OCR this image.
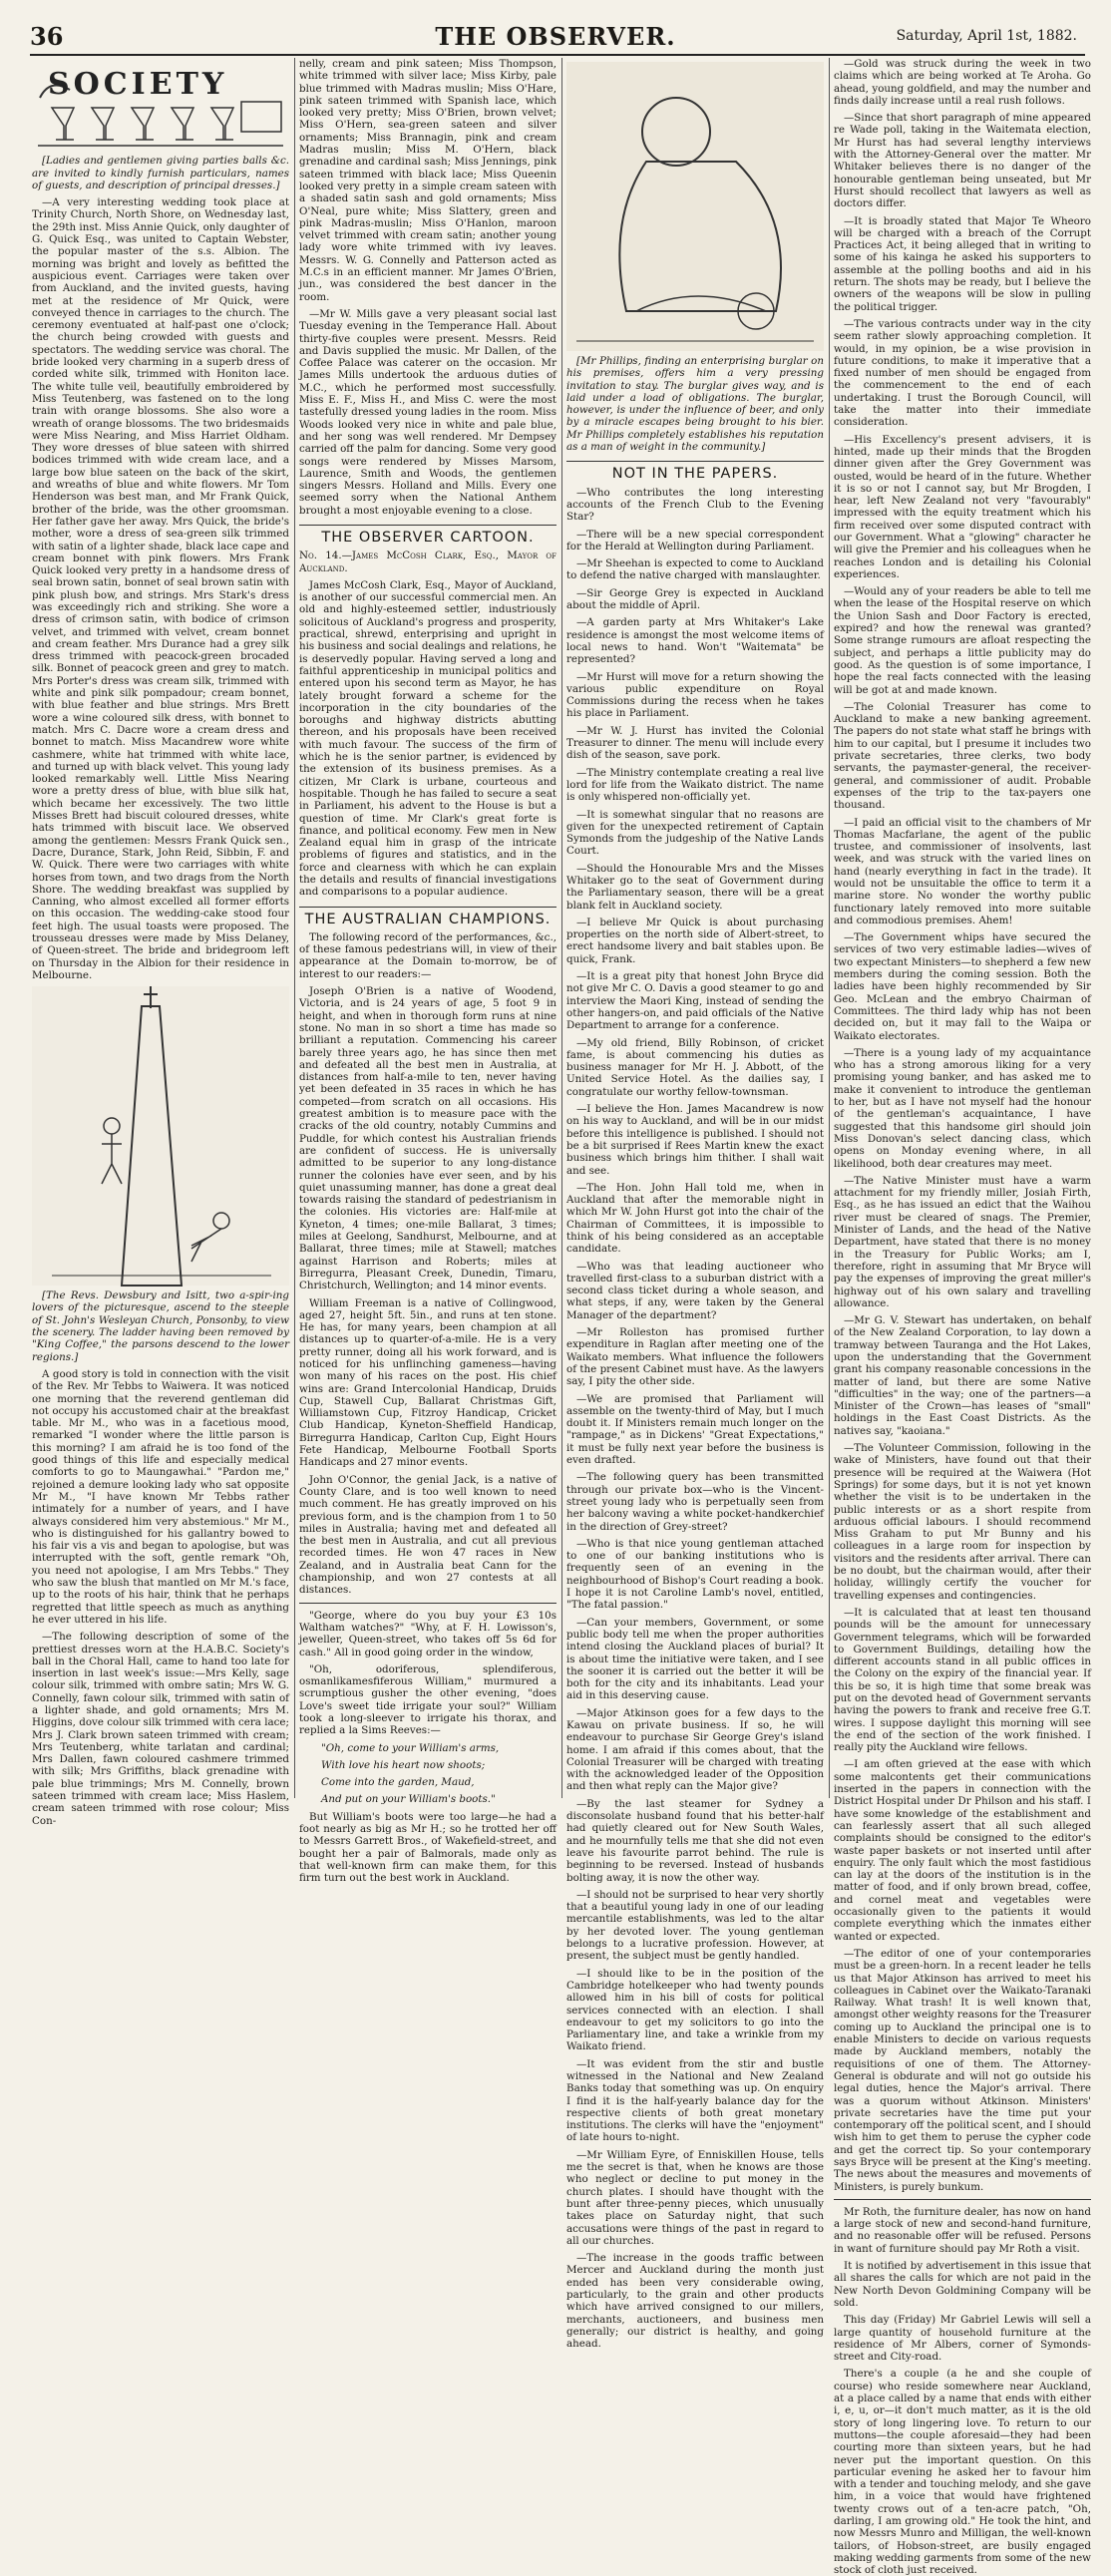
36	THE OBSERVER.	Saturday, April 1st, 1882.
SOCIETY

[Ladies and gentlemen giving parties balls &c. are invited to kindly furnish particulars, names of guests, and description of principal dresses.]

—A very interesting wedding took place at Trinity Church, North Shore, on Wednesday last, the 29th inst. Miss Annie Quick, only daughter of G. Quick Esq., was united to Captain Webster, the popular master of the s.s. Albion. The morning was bright and lovely as befitted the auspicious event. Carriages were taken over from Auckland, and the invited guests, having met at the residence of Mr Quick, were conveyed thence in carriages to the church. The ceremony eventuated at half-past one o'clock; the church being crowded with guests and spectators. The wedding service was choral. The bride looked very charming in a superb dress of corded white silk, trimmed with Honiton lace. The white tulle veil, beautifully embroidered by Miss Teutenberg, was fastened on to the long train with orange blossoms. She also wore a wreath of orange blossoms. The two bridesmaids were Miss Nearing, and Miss Harriet Oldham. They wore dresses of blue sateen with shirred bodices trimmed with wide cream lace, and a large bow blue sateen on the back of the skirt, and wreaths of blue and white flowers. Mr Tom Henderson was best man, and Mr Frank Quick, brother of the bride, was the other groomsman. Her father gave her away. Mrs Quick, the bride's mother, wore a dress of sea-green silk trimmed with satin of a lighter shade, black lace cape and cream bonnet with pink flowers. Mrs Frank Quick looked very pretty in a handsome dress of seal brown satin, bonnet of seal brown satin with pink plush bow, and strings. Mrs Stark's dress was exceedingly rich and striking. She wore a dress of crimson satin, with bodice of crimson velvet, and trimmed with velvet, cream bonnet and cream feather. Mrs Durance had a grey silk dress trimmed with peacock-green brocaded silk. Bonnet of peacock green and grey to match. Mrs Porter's dress was cream silk, trimmed with white and pink silk pompadour; cream bonnet, with blue feather and blue strings. Mrs Brett wore a wine coloured silk dress, with bonnet to match. Mrs C. Dacre wore a cream dress and bonnet to match. Miss Macandrew wore white cashmere, white hat trimmed with white lace, and turned up with black velvet. This young lady looked remarkably well. Little Miss Nearing wore a pretty dress of blue, with blue silk hat, which became her excessively. The two little Misses Brett had biscuit coloured dresses, white hats trimmed with biscuit lace. We observed among the gentlemen: Messrs Frank Quick sen., Dacre, Durance, Stark, John Reid, Sibbin, F. and W. Quick. There were two carriages with white horses from town, and two drags from the North Shore. The wedding breakfast was supplied by Canning, who almost excelled all former efforts on this occasion. The wedding-cake stood four feet high. The usual toasts were proposed. The trousseau dresses were made by Miss Delaney, of Queen-street. The bride and bridegroom left on Thursday in the Albion for their residence in Melbourne.

[The Revs. Dewsbury and Isitt, two a-spir-ing lovers of the picturesque, ascend to the steeple of St. John's Wesleyan Church, Ponsonby, to view the scenery. The ladder having been removed by "King Coffee," the parsons descend to the lower regions.]

A good story is told in connection with the visit of the Rev. Mr Tebbs to Waiwera. It was noticed one morning that the reverend gentleman did not occupy his accustomed chair at the breakfast table. Mr M., who was in a facetious mood, remarked "I wonder where the little parson is this morning? I am afraid he is too fond of the good things of this life and especially medical comforts to go to Maungawhai." "Pardon me," rejoined a demure looking lady who sat opposite Mr M., "I have known Mr Tebbs rather intimately for a number of years, and I have always considered him very abstemious." Mr M., who is distinguished for his gallantry bowed to his fair vis a vis and began to apologise, but was interrupted with the soft, gentle remark "Oh, you need not apologise, I am Mrs Tebbs." They who saw the blush that mantled on Mr M.'s face, up to the roots of his hair, think that he perhaps regretted that little speech as much as anything he ever uttered in his life.

—The following description of some of the prettiest dresses worn at the H.A.B.C. Society's ball in the Choral Hall, came to hand too late for insertion in last week's issue:—Mrs Kelly, sage colour silk, trimmed with ombre satin; Mrs W. G. Connelly, fawn colour silk, trimmed with satin of a lighter shade, and gold ornaments; Mrs M. Higgins, dove colour silk trimmed with cera lace; Mrs J. Clark brown sateen trimmed with cream; Mrs Teutenberg, white tarlatan and cardinal; Mrs Dallen, fawn coloured cashmere trimmed with silk; Mrs Griffiths, black grenadine with pale blue trimmings; Mrs M. Connelly, brown sateen trimmed with cream lace; Miss Haslem, cream sateen trimmed with rose colour; Miss Con-

nelly, cream and pink sateen; Miss Thompson, white trimmed with silver lace; Miss Kirby, pale blue trimmed with Madras muslin; Miss O'Hare, pink sateen trimmed with Spanish lace, which looked very pretty; Miss O'Brien, brown velvet; Miss O'Hern, sea-green sateen and silver ornaments; Miss Brannagin, pink and cream Madras muslin; Miss M. O'Hern, black grenadine and cardinal sash; Miss Jennings, pink sateen trimmed with black lace; Miss Queenin looked very pretty in a simple cream sateen with a shaded satin sash and gold ornaments; Miss O'Neal, pure white; Miss Slattery, green and pink Madras-muslin; Miss O'Hanlon, maroon velvet trimmed with cream satin; another young lady wore white trimmed with ivy leaves. Messrs. W. G. Connelly and Patterson acted as M.C.s in an efficient manner. Mr James O'Brien, jun., was considered the best dancer in the room.

—Mr W. Mills gave a very pleasant social last Tuesday evening in the Temperance Hall. About thirty-five couples were present. Messrs. Reid and Davis supplied the music. Mr Dallen, of the Coffee Palace was caterer on the occasion. Mr James Mills undertook the arduous duties of M.C., which he performed most successfully. Miss E. F., Miss H., and Miss C. were the most tastefully dressed young ladies in the room. Miss Woods looked very nice in white and pale blue, and her song was well rendered. Mr Dempsey carried off the palm for dancing. Some very good songs were rendered by Misses Marsom, Laurence, Smith and Woods, the gentlemen singers Messrs. Holland and Mills. Every one seemed sorry when the National Anthem brought a most enjoyable evening to a close.

THE OBSERVER CARTOON.

No. 14.—James McCosh Clark, Esq., Mayor of Auckland.

James McCosh Clark, Esq., Mayor of Auckland, is another of our successful commercial men. An old and highly-esteemed settler, industriously solicitous of Auckland's progress and prosperity, practical, shrewd, enterprising and upright in his business and social dealings and relations, he is deservedly popular. Having served a long and faithful apprenticeship in municipal politics and entered upon his second term as Mayor, he has lately brought forward a scheme for the incorporation in the city boundaries of the boroughs and highway districts abutting thereon, and his proposals have been received with much favour. The success of the firm of which he is the senior partner, is evidenced by the extension of its business premises. As a citizen, Mr Clark is urbane, courteous and hospitable. Though he has failed to secure a seat in Parliament, his advent to the House is but a question of time. Mr Clark's great forte is finance, and political economy. Few men in New Zealand equal him in grasp of the intricate problems of figures and statistics, and in the force and clearness with which he can explain the details and results of financial investigations and comparisons to a popular audience.

THE AUSTRALIAN CHAMPIONS.

The following record of the performances, &c., of these famous pedestrians will, in view of their appearance at the Domain to-morrow, be of interest to our readers:—

Joseph O'Brien is a native of Woodend, Victoria, and is 24 years of age, 5 foot 9 in height, and when in thorough form runs at nine stone. No man in so short a time has made so brilliant a reputation. Commencing his career barely three years ago, he has since then met and defeated all the best men in Australia, at distances from half-a-mile to ten, never having yet been defeated in 35 races in which he has competed—from scratch on all occasions. His greatest ambition is to measure pace with the cracks of the old country, notably Cummins and Puddle, for which contest his Australian friends are confident of success. He is universally admitted to be superior to any long-distance runner the colonies have ever seen, and by his quiet unassuming manner, has done a great deal towards raising the standard of pedestrianism in the colonies. His victories are: Half-mile at Kyneton, 4 times; one-mile Ballarat, 3 times; miles at Geelong, Sandhurst, Melbourne, and at Ballarat, three times; mile at Stawell; matches against Harrison and Roberts; miles at Birregurra, Pleasant Creek, Dunedin, Timaru, Christchurch, Wellington; and 14 minor events.

William Freeman is a native of Collingwood, aged 27, height 5ft. 5in., and runs at ten stone. He has, for many years, been champion at all distances up to quarter-of-a-mile. He is a very pretty runner, doing all his work forward, and is noticed for his unflinching gameness—having won many of his races on the post. His chief wins are: Grand Intercolonial Handicap, Druids Cup, Stawell Cup, Ballarat Christmas Gift, Williamstown Cup, Fitzroy Handicap, Cricket Club Handicap, Kyneton-Sheffield Handicap, Birregurra Handicap, Carlton Cup, Eight Hours Fete Handicap, Melbourne Football Sports Handicaps and 27 minor events.

John O'Connor, the genial Jack, is a native of County Clare, and is too well known to need much comment. He has greatly improved on his previous form, and is the champion from 1 to 50 miles in Australia; having met and defeated all the best men in Australia, and cut all previous recorded times. He won 47 races in New Zealand, and in Australia beat Cann for the championship, and won 27 contests at all distances.

"George, where do you buy your £3 10s Waltham watches?" "Why, at F. H. Lowisson's, jeweller, Queen-street, who takes off 5s 6d for cash." All in good going order in the window,

"Oh, odoriferous, splendiferous, osmanlikamesfiferous William," murmured a scrumptious gusher the other evening, "does Love's sweet tide irrigate your soul?" William took a long-sleever to irrigate his thorax, and replied a la Sims Reeves:—

"Oh, come to your William's arms,

With love his heart now shoots;

Come into the garden, Maud,

And put on your William's boots."

But William's boots were too large—he had a foot nearly as big as Mr H.; so he trotted her off to Messrs Garrett Bros., of Wakefield-street, and bought her a pair of Balmorals, made only as that well-known firm can make them, for this firm turn out the best work in Auckland.

[Mr Phillips, finding an enterprising burglar on his premises, offers him a very pressing invitation to stay. The burglar gives way, and is laid under a load of obligations. The burglar, however, is under the influence of beer, and only by a miracle escapes being brought to his bier. Mr Phillips completely establishes his reputation as a man of weight in the community.]

NOT IN THE PAPERS.

—Who contributes the long interesting accounts of the French Club to the Evening Star?

—There will be a new special correspondent for the Herald at Wellington during Parliament.

—Mr Sheehan is expected to come to Auckland to defend the native charged with manslaughter.

—Sir George Grey is expected in Auckland about the middle of April.

—A garden party at Mrs Whitaker's Lake residence is amongst the most welcome items of local news to hand. Won't "Waitemata" be represented?

—Mr Hurst will move for a return showing the various public expenditure on Royal Commissions during the recess when he takes his place in Parliament.

—Mr W. J. Hurst has invited the Colonial Treasurer to dinner. The menu will include every dish of the season, save pork.

—The Ministry contemplate creating a real live lord for life from the Waikato district. The name is only whispered non-officially yet.

—It is somewhat singular that no reasons are given for the unexpected retirement of Captain Symonds from the judgeship of the Native Lands Court.

—Should the Honourable Mrs and the Misses Whitaker go to the seat of Government during the Parliamentary season, there will be a great blank felt in Auckland society.

—I believe Mr Quick is about purchasing properties on the north side of Albert-street, to erect handsome livery and bait stables upon. Be quick, Frank.

—It is a great pity that honest John Bryce did not give Mr C. O. Davis a good steamer to go and interview the Maori King, instead of sending the other hangers-on, and paid officials of the Native Department to arrange for a conference.

—My old friend, Billy Robinson, of cricket fame, is about commencing his duties as business manager for Mr H. J. Abbott, of the United Service Hotel. As the dailies say, I congratulate our worthy fellow-townsman.

—I believe the Hon. James Macandrew is now on his way to Auckland, and will be in our midst before this intelligence is published. I should not be a bit surprised if Rees Martin knew the exact business which brings him thither. I shall wait and see.

—The Hon. John Hall told me, when in Auckland that after the memorable night in which Mr W. John Hurst got into the chair of the Chairman of Committees, it is impossible to think of his being considered as an acceptable candidate.

—Who was that leading auctioneer who travelled first-class to a suburban district with a second class ticket during a whole season, and what steps, if any, were taken by the General Manager of the department?

—Mr Rolleston has promised further expenditure in Raglan after meeting one of the Waikato members. What influence the followers of the present Cabinet must have. As the lawyers say, I pity the other side.

—We are promised that Parliament will assemble on the twenty-third of May, but I much doubt it. If Ministers remain much longer on the "rampage," as in Dickens' "Great Expectations," it must be fully next year before the business is even drafted.

—The following query has been transmitted through our private box—who is the Vincent-street young lady who is perpetually seen from her balcony waving a white pocket-handkerchief in the direction of Grey-street?

—Who is that nice young gentleman attached to one of our banking institutions who is frequently seen of an evening in the neighbourhood of Bishop's Court reading a book. I hope it is not Caroline Lamb's novel, entitled, "The fatal passion."

—Can your members, Government, or some public body tell me when the proper authorities intend closing the Auckland places of burial? It is about time the initiative were taken, and I see the sooner it is carried out the better it will be both for the city and its inhabitants. Lead your aid in this deserving cause.

—Major Atkinson goes for a few days to the Kawau on private business. If so, he will endeavour to purchase Sir George Grey's island home. I am afraid if this comes about, that the Colonial Treasurer will be charged with treating with the acknowledged leader of the Opposition and then what reply can the Major give?

—By the last steamer for Sydney a disconsolate husband found that his better-half had quietly cleared out for New South Wales, and he mournfully tells me that she did not even leave his favourite parrot behind. The rule is beginning to be reversed. Instead of husbands bolting away, it is now the other way.

—I should not be surprised to hear very shortly that a beautiful young lady in one of our leading mercantile establishments, was led to the altar by her devoted lover. The young gentleman belongs to a lucrative profession. However, at present, the subject must be gently handled.

—I should like to be in the position of the Cambridge hotelkeeper who had twenty pounds allowed him in his bill of costs for political services connected with an election. I shall endeavour to get my solicitors to go into the Parliamentary line, and take a wrinkle from my Waikato friend.

—It was evident from the stir and bustle witnessed in the National and New Zealand Banks today that something was up. On enquiry I find it is the half-yearly balance day for the respective clients of both great monetary institutions. The clerks will have the "enjoyment" of late hours to-night.

—Mr William Eyre, of Enniskillen House, tells me the secret is that, when he knows are those who neglect or decline to put money in the church plates. I should have thought with the bunt after three-penny pieces, which unusually takes place on Saturday night, that such accusations were things of the past in regard to all our churches.

—The increase in the goods traffic between Mercer and Auckland during the month just ended has been very considerable owing, particularly, to the grain and other products which have arrived consigned to our millers, merchants, auctioneers, and business men generally; our district is healthy, and going ahead.

—Gold was struck during the week in two claims which are being worked at Te Aroha. Go ahead, young goldfield, and may the number and finds daily increase until a real rush follows.

—Since that short paragraph of mine appeared re Wade poll, taking in the Waitemata election, Mr Hurst has had several lengthy interviews with the Attorney-General over the matter. Mr Whitaker believes there is no danger of the honourable gentleman being unseated, but Mr Hurst should recollect that lawyers as well as doctors differ.

—It is broadly stated that Major Te Wheoro will be charged with a breach of the Corrupt Practices Act, it being alleged that in writing to some of his kainga he asked his supporters to assemble at the polling booths and aid in his return. The shots may be ready, but I believe the owners of the weapons will be slow in pulling the political trigger.

—The various contracts under way in the city seem rather slowly approaching completion. It would, in my opinion, be a wise provision in future conditions, to make it imperative that a fixed number of men should be engaged from the commencement to the end of each undertaking. I trust the Borough Council, will take the matter into their immediate consideration.

—His Excellency's present advisers, it is hinted, made up their minds that the Brogden dinner given after the Grey Government was ousted, would be heard of in the future. Whether it is so or not I cannot say, but Mr Brogden, I hear, left New Zealand not very "favourably" impressed with the equity treatment which his firm received over some disputed contract with our Government. What a "glowing" character he will give the Premier and his colleagues when he reaches London and is detailing his Colonial experiences.

—Would any of your readers be able to tell me when the lease of the Hospital reserve on which the Union Sash and Door Factory is erected, expired? and how the renewal was granted? Some strange rumours are afloat respecting the subject, and perhaps a little publicity may do good. As the question is of some importance, I hope the real facts connected with the leasing will be got at and made known.

—The Colonial Treasurer has come to Auckland to make a new banking agreement. The papers do not state what staff he brings with him to our capital, but I presume it includes two private secretaries, three clerks, two body servants, the paymaster-general, the receiver-general, and commissioner of audit. Probable expenses of the trip to the tax-payers one thousand.

—I paid an official visit to the chambers of Mr Thomas Macfarlane, the agent of the public trustee, and commissioner of insolvents, last week, and was struck with the varied lines on hand (nearly everything in fact in the trade). It would not be unsuitable the office to term it a marine store. No wonder the worthy public functionary lately removed into more suitable and commodious premises. Ahem!

—The Government whips have secured the services of two very estimable ladies—wives of two expectant Ministers—to shepherd a few new members during the coming session. Both the ladies have been highly recommended by Sir Geo. McLean and the embryo Chairman of Committees. The third lady whip has not been decided on, but it may fall to the Waipa or Waikato electorates.

—There is a young lady of my acquaintance who has a strong amorous liking for a very promising young banker, and has asked me to make it convenient to introduce the gentleman to her, but as I have not myself had the honour of the gentleman's acquaintance, I have suggested that this handsome girl should join Miss Donovan's select dancing class, which opens on Monday evening where, in all likelihood, both dear creatures may meet.

—The Native Minister must have a warm attachment for my friendly miller, Josiah Firth, Esq., as he has issued an edict that the Waihou river must be cleared of snags. The Premier, Minister of Lands, and the head of the Native Department, have stated that there is no money in the Treasury for Public Works; am I, therefore, right in assuming that Mr Bryce will pay the expenses of improving the great miller's highway out of his own salary and travelling allowance.

—Mr G. V. Stewart has undertaken, on behalf of the New Zealand Corporation, to lay down a tramway between Tauranga and the Hot Lakes, upon the understanding that the Government grant his company reasonable concessions in the matter of land, but there are some Native "difficulties" in the way; one of the partners—a Minister of the Crown—has leases of "small" holdings in the East Coast Districts. As the natives say, "kaoiana."

—The Volunteer Commission, following in the wake of Ministers, have found out that their presence will be required at the Waiwera (Hot Springs) for some days, but it is not yet known whether the visit is to be undertaken in the public interests or as a short respite from arduous official labours. I should recommend Miss Graham to put Mr Bunny and his colleagues in a large room for inspection by visitors and the residents after arrival. There can be no doubt, but the chairman would, after their holiday, willingly certify the voucher for travelling expenses and contingencies.

—It is calculated that at least ten thousand pounds will be the amount for unnecessary Government telegrams, which will be forwarded to Government Buildings, detailing how the different accounts stand in all public offices in the Colony on the expiry of the financial year. If this be so, it is high time that some break was put on the devoted head of Government servants having the powers to frank and receive free G.T. wires. I suppose daylight this morning will see the end of the section of the work finished. I really pity the Auckland wire fellows.

—I am often grieved at the ease with which some malcontents get their communications inserted in the papers in connection with the District Hospital under Dr Philson and his staff. I have some knowledge of the establishment and can fearlessly assert that all such alleged complaints should be consigned to the editor's waste paper baskets or not inserted until after enquiry. The only fault which the most fastidious can lay at the doors of the institution is in the matter of food, and if only brown bread, coffee, and cornel meat and vegetables were occasionally given to the patients it would complete everything which the inmates either wanted or expected.

—The editor of one of your contemporaries must be a green-horn. In a recent leader he tells us that Major Atkinson has arrived to meet his colleagues in Cabinet over the Waikato-Taranaki Railway. What trash! It is well known that, amongst other weighty reasons for the Treasurer coming up to Auckland the principal one is to enable Ministers to decide on various requests made by Auckland members, notably the requisitions of one of them. The Attorney-General is obdurate and will not go outside his legal duties, hence the Major's arrival. There was a quorum without Atkinson. Ministers' private secretaries have the time put your contemporary off the political scent, and I should wish him to get them to peruse the cypher code and get the correct tip. So your contemporary says Bryce will be present at the King's meeting. The news about the measures and movements of Ministers, is purely bunkum.

Mr Roth, the furniture dealer, has now on hand a large stock of new and second-hand furniture, and no reasonable offer will be refused. Persons in want of furniture should pay Mr Roth a visit.

It is notified by advertisement in this issue that all shares the calls for which are not paid in the New North Devon Goldmining Company will be sold.

This day (Friday) Mr Gabriel Lewis will sell a large quantity of household furniture at the residence of Mr Albers, corner of Symonds-street and City-road.

There's a couple (a he and she couple of course) who reside somewhere near Auckland, at a place called by a name that ends with either i, e, u, or—it don't much matter, as it is the old story of long lingering love. To return to our muttons—the couple aforesaid—they had been courting more than sixteen years, but he had never put the important question. On this particular evening he asked her to favour him with a tender and touching melody, and she gave him, in a voice that would have frightened twenty crows out of a ten-acre patch, "Oh, darling, I am growing old." He took the hint, and now Messrs Munro and Milligan, the well-known tailors, of Hobson-street, are busily engaged making wedding garments from some of the new stock of cloth just received.
